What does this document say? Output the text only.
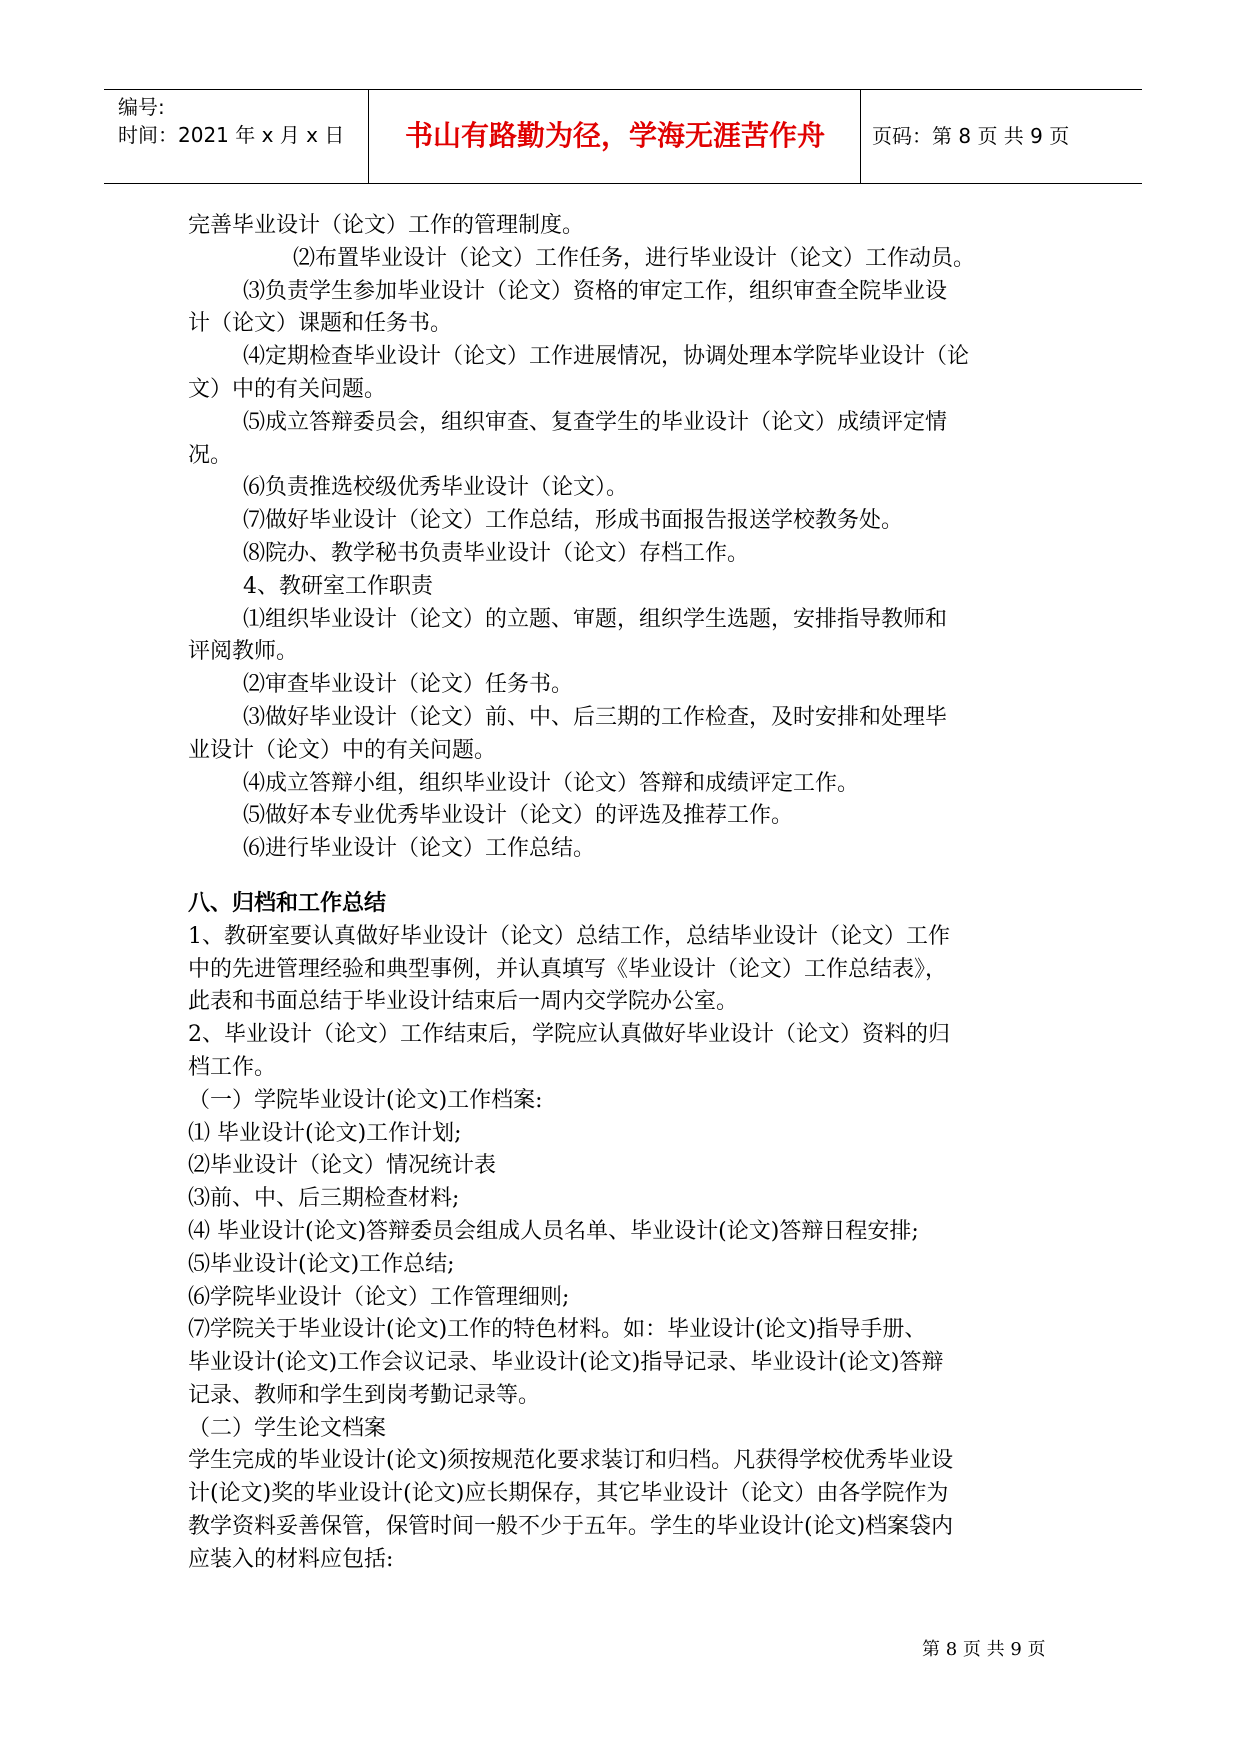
编号:
时间：2021 年 x 月 x 日	书山有路勤为径，学海无涯苦作舟	页码：第 8 页 共 9 页
完善毕业设计（论文）工作的管理制度。
⑵布置毕业设计（论文）工作任务，进行毕业设计（论文）工作动员。
⑶负责学生参加毕业设计（论文）资格的审定工作，组织审查全院毕业设
计（论文）课题和任务书。
⑷定期检查毕业设计（论文）工作进展情况，协调处理本学院毕业设计（论
文）中的有关问题。
⑸成立答辩委员会，组织审查、复查学生的毕业设计（论文）成绩评定情
况。
⑹负责推选校级优秀毕业设计（论文）。
⑺做好毕业设计（论文）工作总结，形成书面报告报送学校教务处。
⑻院办、教学秘书负责毕业设计（论文）存档工作。
4、教研室工作职责
⑴组织毕业设计（论文）的立题、审题，组织学生选题，安排指导教师和
评阅教师。
⑵审查毕业设计（论文）任务书。
⑶做好毕业设计（论文）前、中、后三期的工作检查，及时安排和处理毕
业设计（论文）中的有关问题。
⑷成立答辩小组，组织毕业设计（论文）答辩和成绩评定工作。
⑸做好本专业优秀毕业设计（论文）的评选及推荐工作。
⑹进行毕业设计（论文）工作总结。
八、归档和工作总结
1、教研室要认真做好毕业设计（论文）总结工作，总结毕业设计（论文）工作
中的先进管理经验和典型事例，并认真填写《毕业设计（论文）工作总结表》，
此表和书面总结于毕业设计结束后一周内交学院办公室。
2、毕业设计（论文）工作结束后，学院应认真做好毕业设计（论文）资料的归
档工作。
（一）学院毕业设计(论文)工作档案:
⑴ 毕业设计(论文)工作计划;
⑵毕业设计（论文）情况统计表
⑶前、中、后三期检查材料;
⑷ 毕业设计(论文)答辩委员会组成人员名单、毕业设计(论文)答辩日程安排;
⑸毕业设计(论文)工作总结;
⑹学院毕业设计（论文）工作管理细则;
⑺学院关于毕业设计(论文)工作的特色材料。如：毕业设计(论文)指导手册、
毕业设计(论文)工作会议记录、毕业设计(论文)指导记录、毕业设计(论文)答辩
记录、教师和学生到岗考勤记录等。
（二）学生论文档案
学生完成的毕业设计(论文)须按规范化要求装订和归档。凡获得学校优秀毕业设
计(论文)奖的毕业设计(论文)应长期保存，其它毕业设计（论文）由各学院作为
教学资料妥善保管，保管时间一般不少于五年。学生的毕业设计(论文)档案袋内
应装入的材料应包括:
第 8 页 共 9 页
